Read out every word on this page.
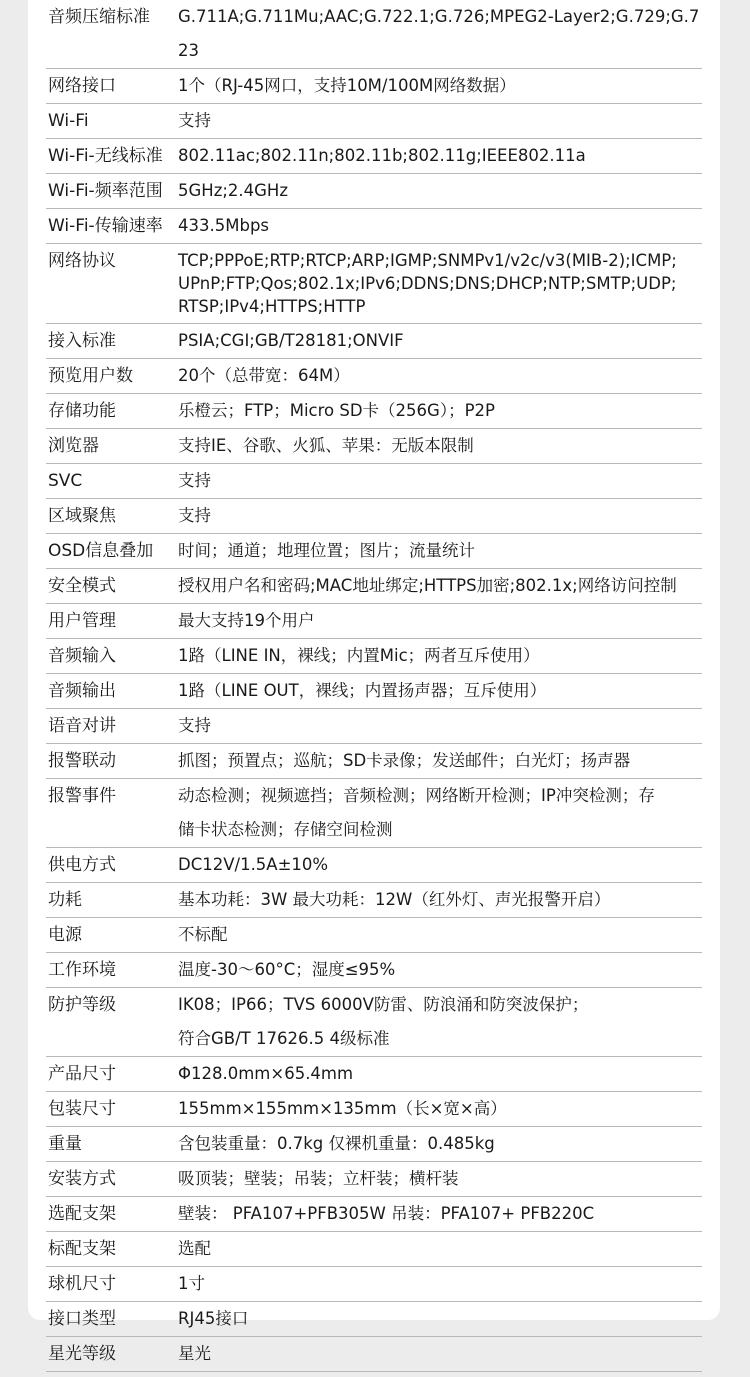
音频压缩标准	G.711A;G.711Mu;AAC;G.722.1;G.726;MPEG2-Layer2;G.729;G.723
网络接口	1个（RJ-45网口，支持10M/100M网络数据）
Wi-Fi	支持
Wi-Fi-无线标准 802.11ac;802.11n;802.11b;802.11g;IEEE802.11a
Wi-Fi-频率范围 5GHz;2.4GHz
Wi-Fi-传输速率 433.5Mbps
网络协议	TCP;PPPoE;RTP;RTCP;ARP;IGMP;SNMPv1/v2c/v3(MIB-2);ICMP;
UPnP;FTP;Qos;802.1x;IPv6;DDNS;DNS;DHCP;NTP;SMTP;UDP;
RTSP;IPv4;HTTPS;HTTP
接入标准	PSIA;CGI;GB/T28181;ONVIF
预览用户数	20个（总带宽：64M）
存储功能	乐橙云；FTP；Micro SD卡（256G）；P2P
浏览器	支持IE、谷歌、火狐、苹果：无版本限制
SVC	支持
区域聚焦	支持
OSD信息叠加	时间；通道；地理位置；图片；流量统计
安全模式	授权用户名和密码;MAC地址绑定;HTTPS加密;802.1x;网络访问控制
用户管理	最大支持19个用户
音频输入	1路（LINE IN，裸线；内置Mic；两者互斥使用）
音频输出	1路（LINE OUT，裸线；内置扬声器；互斥使用）
语音对讲	支持
报警联动	抓图；预置点；巡航；SD卡录像；发送邮件；白光灯；扬声器
报警事件	动态检测；视频遮挡；音频检测；网络断开检测；IP冲突检测；存
储卡状态检测；存储空间检测
供电方式	DC12V/1.5A±10%
功耗	基本功耗：3W 最大功耗：12W（红外灯、声光报警开启）
电源	不标配
工作环境	温度-30～60°C；湿度≤95%
防护等级	IK08；IP66；TVS 6000V防雷、防浪涌和防突波保护；
符合GB/T 17626.5 4级标准
产品尺寸	Φ128.0mm×65.4mm
包装尺寸	155mm×155mm×135mm（长×宽×高）
重量	含包装重量：0.7kg 仅裸机重量：0.485kg
安装方式	吸顶装；壁装；吊装；立杆装；横杆装
选配支架	壁装： PFA107+PFB305W 吊装：PFA107+ PFB220C
标配支架	选配
球机尺寸	1寸
接口类型	RJ45接口
星光等级	星光
